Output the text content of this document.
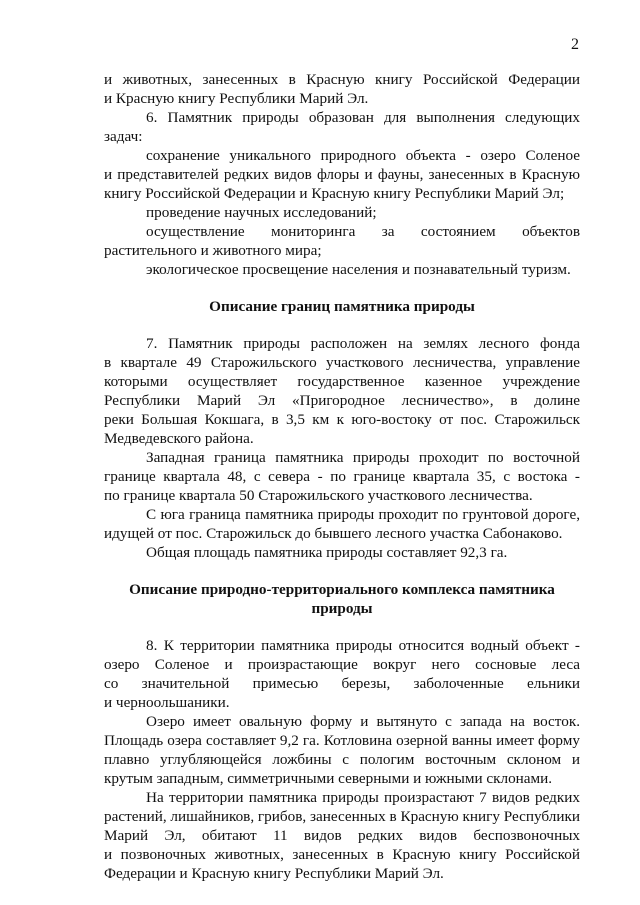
2
и животных, занесенных в Красную книгу Российской Федерации
и Красную книгу Республики Марий Эл.
6. Памятник природы образован для выполнения следующих
задач:
сохранение уникального природного объекта - озеро Соленое
и представителей редких видов флоры и фауны, занесенных в Красную
книгу Российской Федерации и Красную книгу Республики Марий Эл;
проведение научных исследований;
осуществление мониторинга за состоянием объектов
растительного и животного мира;
экологическое просвещение населения и познавательный туризм.
Описание границ памятника природы
7. Памятник природы расположен на землях лесного фонда
в квартале 49 Старожильского участкового лесничества, управление
которыми осуществляет государственное казенное учреждение
Республики Марий Эл «Пригородное лесничество», в долине
реки Большая Кокшага, в 3,5 км к юго-востоку от пос. Старожильск
Медведевского района.
Западная граница памятника природы проходит по восточной
границе квартала 48, с севера - по границе квартала 35, с востока -
по границе квартала 50 Старожильского участкового лесничества.
С юга граница памятника природы проходит по грунтовой дороге,
идущей от пос. Старожильск до бывшего лесного участка Сабонаково.
Общая площадь памятника природы составляет 92,3 га.
Описание природно-территориального комплекса памятника
природы
8. К территории памятника природы относится водный объект -
озеро Соленое и произрастающие вокруг него сосновые леса
со значительной примесью березы, заболоченные ельники
и черноольшаники.
Озеро имеет овальную форму и вытянуто с запада на восток.
Площадь озера составляет 9,2 га. Котловина озерной ванны имеет форму
плавно углубляющейся ложбины с пологим восточным склоном и
крутым западным, симметричными северными и южными склонами.
На территории памятника природы произрастают 7 видов редких
растений, лишайников, грибов, занесенных в Красную книгу Республики
Марий Эл, обитают 11 видов редких видов беспозвоночных
и позвоночных животных, занесенных в Красную книгу Российской
Федерации и Красную книгу Республики Марий Эл.
